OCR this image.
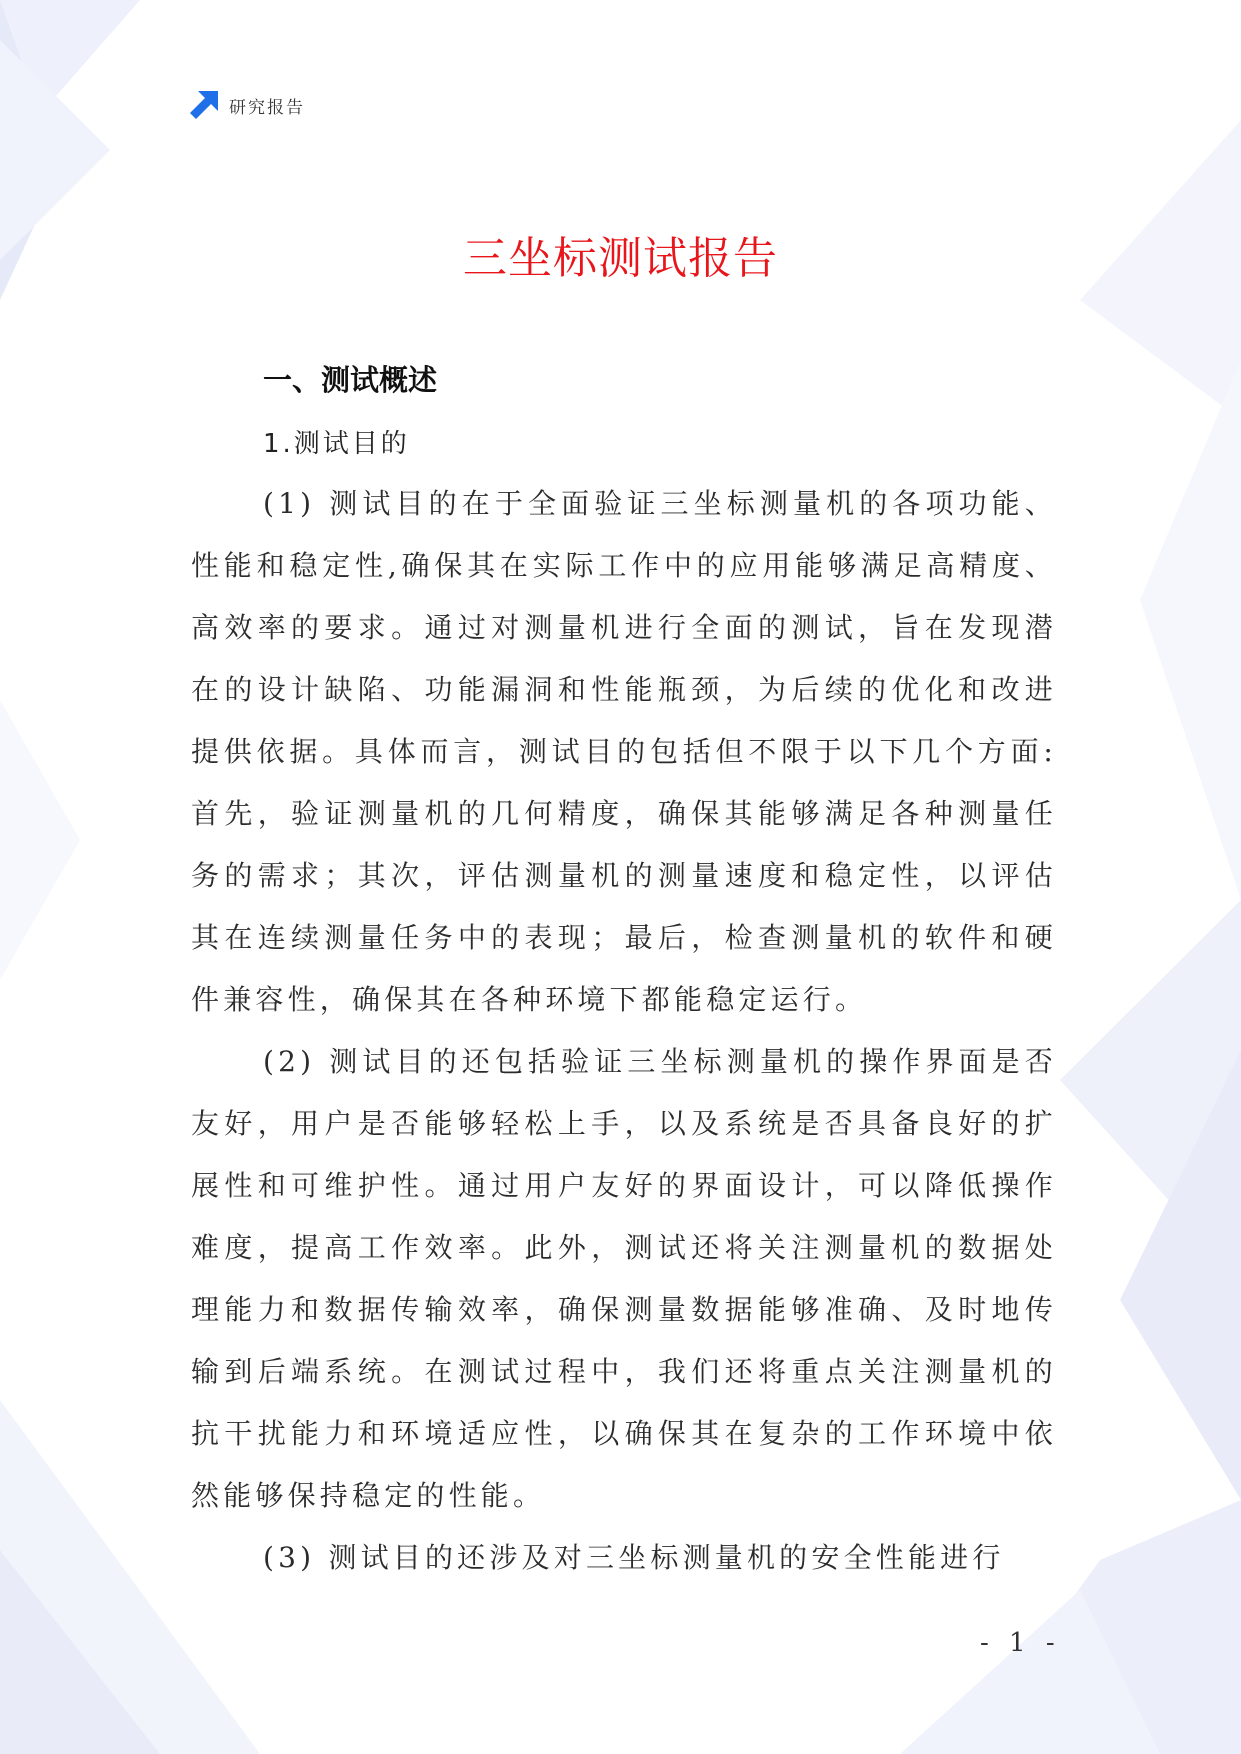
研究报告
三坐标测试报告
一、测试概述
1.测试目的

(1) 测试目的在于全面验证三坐标测量机的各项功能、性能和稳定性,确保其在实际工作中的应用能够满足高精度、高效率的要求。通过对测量机进行全面的测试，旨在发现潜在的设计缺陷、功能漏洞和性能瓶颈，为后续的优化和改进提供依据。具体而言，测试目的包括但不限于以下几个方面:首先，验证测量机的几何精度，确保其能够满足各种测量任务的需求；其次，评估测量机的测量速度和稳定性，以评估其在连续测量任务中的表现；最后，检查测量机的软件和硬件兼容性，确保其在各种环境下都能稳定运行。

(2) 测试目的还包括验证三坐标测量机的操作界面是否友好，用户是否能够轻松上手，以及系统是否具备良好的扩展性和可维护性。通过用户友好的界面设计，可以降低操作难度，提高工作效率。此外，测试还将关注测量机的数据处理能力和数据传输效率，确保测量数据能够准确、及时地传输到后端系统。在测试过程中，我们还将重点关注测量机的抗干扰能力和环境适应性，以确保其在复杂的工作环境中依然能够保持稳定的性能。

(3) 测试目的还涉及对三坐标测量机的安全性能进行

- 1 -
